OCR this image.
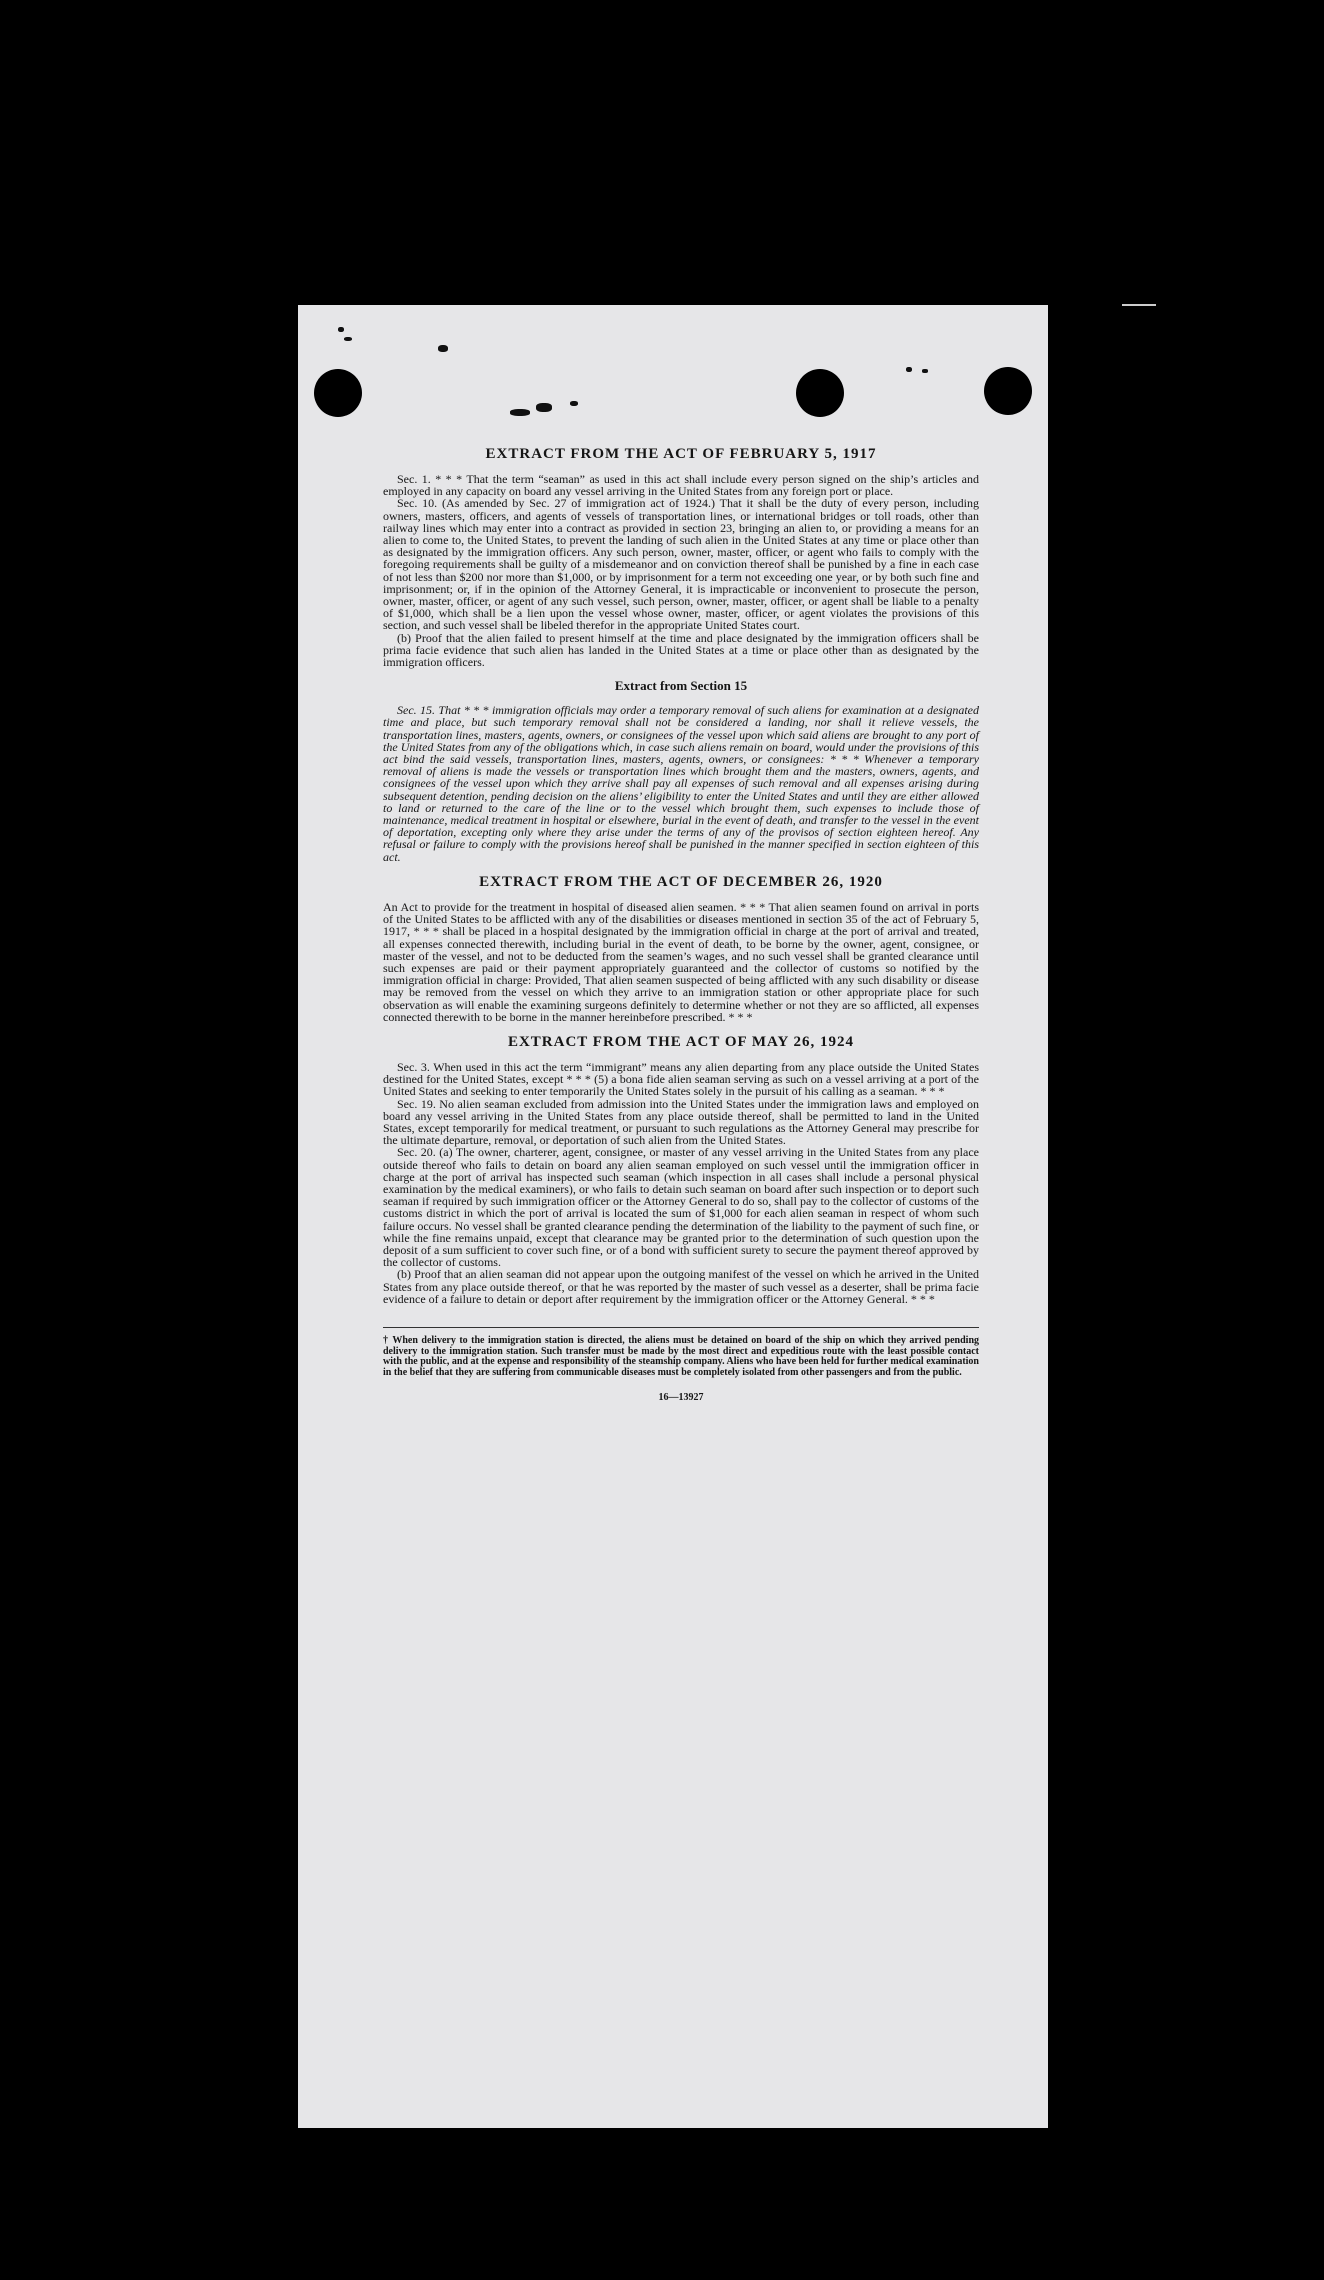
EXTRACT FROM THE ACT OF FEBRUARY 5, 1917

Sec. 1. * * * That the term “seaman” as used in this act shall include every person signed on the ship’s articles and employed in any capacity on board any vessel arriving in the United States from any foreign port or place.

Sec. 10. (As amended by Sec. 27 of immigration act of 1924.) That it shall be the duty of every person, including owners, masters, officers, and agents of vessels of transportation lines, or international bridges or toll roads, other than railway lines which may enter into a contract as provided in section 23, bringing an alien to, or providing a means for an alien to come to, the United States, to prevent the landing of such alien in the United States at any time or place other than as designated by the immigration officers. Any such person, owner, master, officer, or agent who fails to comply with the foregoing requirements shall be guilty of a misdemeanor and on conviction thereof shall be punished by a fine in each case of not less than $200 nor more than $1,000, or by imprisonment for a term not exceeding one year, or by both such fine and imprisonment; or, if in the opinion of the Attorney General, it is impracticable or inconvenient to prosecute the person, owner, master, officer, or agent of any such vessel, such person, owner, master, officer, or agent shall be liable to a penalty of $1,000, which shall be a lien upon the vessel whose owner, master, officer, or agent violates the provisions of this section, and such vessel shall be libeled therefor in the appropriate United States court.

(b) Proof that the alien failed to present himself at the time and place designated by the immigration officers shall be prima facie evidence that such alien has landed in the United States at a time or place other than as designated by the immigration officers.

Extract from Section 15

Sec. 15. That * * * immigration officials may order a temporary removal of such aliens for examination at a designated time and place, but such temporary removal shall not be considered a landing, nor shall it relieve vessels, the transportation lines, masters, agents, owners, or consignees of the vessel upon which said aliens are brought to any port of the United States from any of the obligations which, in case such aliens remain on board, would under the provisions of this act bind the said vessels, transportation lines, masters, agents, owners, or consignees: * * * Whenever a temporary removal of aliens is made the vessels or transportation lines which brought them and the masters, owners, agents, and consignees of the vessel upon which they arrive shall pay all expenses of such removal and all expenses arising during subsequent detention, pending decision on the aliens’ eligibility to enter the United States and until they are either allowed to land or returned to the care of the line or to the vessel which brought them, such expenses to include those of maintenance, medical treatment in hospital or elsewhere, burial in the event of death, and transfer to the vessel in the event of deportation, excepting only where they arise under the terms of any of the provisos of section eighteen hereof. Any refusal or failure to comply with the provisions hereof shall be punished in the manner specified in section eighteen of this act.

EXTRACT FROM THE ACT OF DECEMBER 26, 1920

An Act to provide for the treatment in hospital of diseased alien seamen. * * * That alien seamen found on arrival in ports of the United States to be afflicted with any of the disabilities or diseases mentioned in section 35 of the act of February 5, 1917, * * * shall be placed in a hospital designated by the immigration official in charge at the port of arrival and treated, all expenses connected therewith, including burial in the event of death, to be borne by the owner, agent, consignee, or master of the vessel, and not to be deducted from the seamen’s wages, and no such vessel shall be granted clearance until such expenses are paid or their payment appropriately guaranteed and the collector of customs so notified by the immigration official in charge: Provided, That alien seamen suspected of being afflicted with any such disability or disease may be removed from the vessel on which they arrive to an immigration station or other appropriate place for such observation as will enable the examining surgeons definitely to determine whether or not they are so afflicted, all expenses connected therewith to be borne in the manner hereinbefore prescribed. * * *

EXTRACT FROM THE ACT OF MAY 26, 1924

Sec. 3. When used in this act the term “immigrant” means any alien departing from any place outside the United States destined for the United States, except * * * (5) a bona fide alien seaman serving as such on a vessel arriving at a port of the United States and seeking to enter temporarily the United States solely in the pursuit of his calling as a seaman. * * *

Sec. 19. No alien seaman excluded from admission into the United States under the immigration laws and employed on board any vessel arriving in the United States from any place outside thereof, shall be permitted to land in the United States, except temporarily for medical treatment, or pursuant to such regulations as the Attorney General may prescribe for the ultimate departure, removal, or deportation of such alien from the United States.

Sec. 20. (a) The owner, charterer, agent, consignee, or master of any vessel arriving in the United States from any place outside thereof who fails to detain on board any alien seaman employed on such vessel until the immigration officer in charge at the port of arrival has inspected such seaman (which inspection in all cases shall include a personal physical examination by the medical examiners), or who fails to detain such seaman on board after such inspection or to deport such seaman if required by such immigration officer or the Attorney General to do so, shall pay to the collector of customs of the customs district in which the port of arrival is located the sum of $1,000 for each alien seaman in respect of whom such failure occurs. No vessel shall be granted clearance pending the determination of the liability to the payment of such fine, or while the fine remains unpaid, except that clearance may be granted prior to the determination of such question upon the deposit of a sum sufficient to cover such fine, or of a bond with sufficient surety to secure the payment thereof approved by the collector of customs.

(b) Proof that an alien seaman did not appear upon the outgoing manifest of the vessel on which he arrived in the United States from any place outside thereof, or that he was reported by the master of such vessel as a deserter, shall be prima facie evidence of a failure to detain or deport after requirement by the immigration officer or the Attorney General. * * *

† When delivery to the immigration station is directed, the aliens must be detained on board of the ship on which they arrived pending delivery to the immigration station. Such transfer must be made by the most direct and expeditious route with the least possible contact with the public, and at the expense and responsibility of the steamship company. Aliens who have been held for further medical examination in the belief that they are suffering from communicable diseases must be completely isolated from other passengers and from the public.
16—13927
